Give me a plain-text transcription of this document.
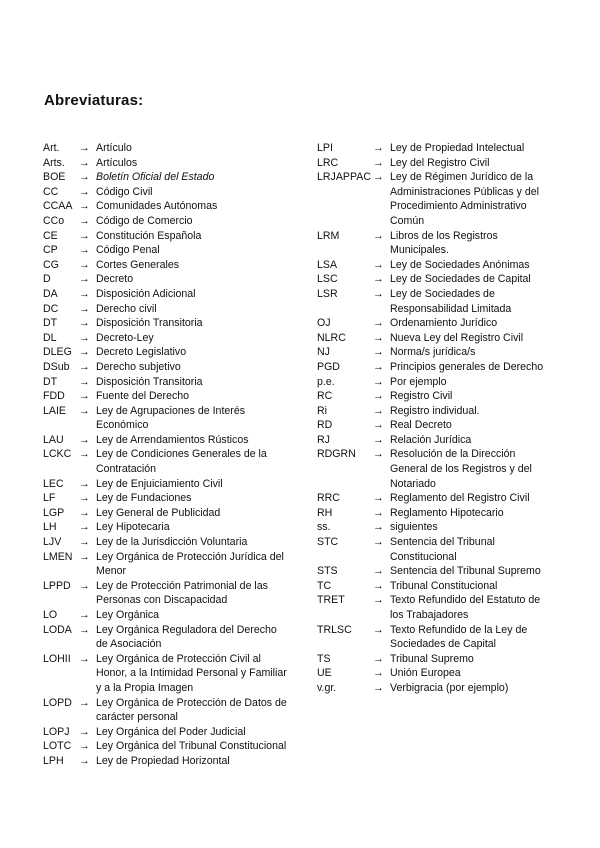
Abreviaturas:
Art.	→ Artículo
Arts.	→ Artículos
BOE	→ Boletín Oficial del Estado
CC	→ Código Civil
CCAA → Comunidades Autónomas
CCo	→ Código de Comercio
CE	→ Constitución Española
CP	→ Código Penal
CG	→ Cortes Generales
D	→ Decreto
DA	→ Disposición Adicional
DC	→ Derecho civil
DT	→ Disposición Transitoria
DL	→ Decreto-Ley
DLEG → Decreto Legislativo
DSub → Derecho subjetivo
DT	→ Disposición Transitoria
FDD	→ Fuente del Derecho
LAIE	→ Ley de Agrupaciones de Interés
Económico
LAU	→ Ley de Arrendamientos Rústicos
LCKC → Ley de Condiciones Generales de la
Contratación
LEC	→ Ley de Enjuiciamiento Civil
LF	→ Ley de Fundaciones
LGP	→ Ley General de Publicidad
LH	→ Ley Hipotecaria
LJV	→ Ley de la Jurisdicción Voluntaria
LMEN → Ley Orgánica de Protección Jurídica del
Menor
LPPD → Ley de Protección Patrimonial de las
Personas con Discapacidad
LO	→ Ley Orgánica
LODA → Ley Orgánica Reguladora del Derecho
de Asociación
LOHII → Ley Orgánica de Protección Civil al
Honor, a la Intimidad Personal y Familiar
y a la Propia Imagen
LOPD → Ley Orgánica de Protección de Datos de
carácter personal
LOPJ → Ley Orgánica del Poder Judicial
LOTC → Ley Orgánica del Tribunal Constitucional
LPH	→ Ley de Propiedad Horizontal
LPI	→ Ley de Propiedad Intelectual
LRC	→ Ley del Registro Civil
LRJAPPAC → Ley de Régimen Jurídico de la
Administraciones Públicas y del
Procedimiento Administrativo
Común
LRM	→ Libros de los Registros
Municipales.
LSA	→ Ley de Sociedades Anónimas
LSC	→ Ley de Sociedades de Capital
LSR	→ Ley de Sociedades de
Responsabilidad Limitada
OJ	→ Ordenamiento Jurídico
NLRC	→ Nueva Ley del Registro Civil
NJ	→ Norma/s jurídica/s
PGD	→ Principios generales de Derecho
p.e.	→ Por ejemplo
RC	→ Registro Civil
Ri	→ Registro individual.
RD	→ Real Decreto
RJ	→ Relación Jurídica
RDGRN	→ Resolución de la Dirección
General de los Registros y del
Notariado
RRC	→ Reglamento del Registro Civil
RH	→ Reglamento Hipotecario
ss.	→ siguientes
STC	→ Sentencia del Tribunal
Constitucional
STS	→ Sentencia del Tribunal Supremo
TC	→ Tribunal Constitucional
TRET	→ Texto Refundido del Estatuto de
los Trabajadores
TRLSC	→ Texto Refundido de la Ley de
Sociedades de Capital
TS	→ Tribunal Supremo
UE	→ Unión Europea
v.gr.	→ Verbigracia (por ejemplo)
